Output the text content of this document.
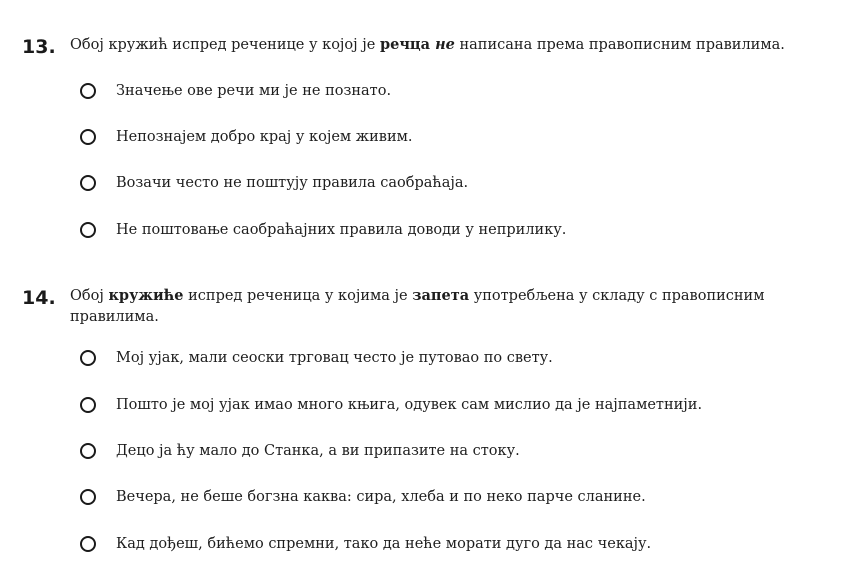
13. Обој кружић испред реченице у којој је речца не написана према правописним правилима.
Значење ове речи ми је не познато.
Непознајем добро крај у којем живим.
Возачи често не поштују правила саобраћаја.
Не поштовање саобраћајних правила доводи у неприлику.
14. Обој кружиће испред реченица у којима је запета употребљена у складу с правописним правилима.
Мој ујак, мали сеоски трговац често је путовао по свету.
Пошто је мој ујак имао много књига, одувек сам мислио да је најпаметнији.
Децо ја ћу мало до Станка, а ви припазите на стоку.
Вечера, не беше богзна каква: сира, хлеба и по неко парче сланине.
Кад дођеш, бићемо спремни, тако да неће морати дуго да нас чекају.
